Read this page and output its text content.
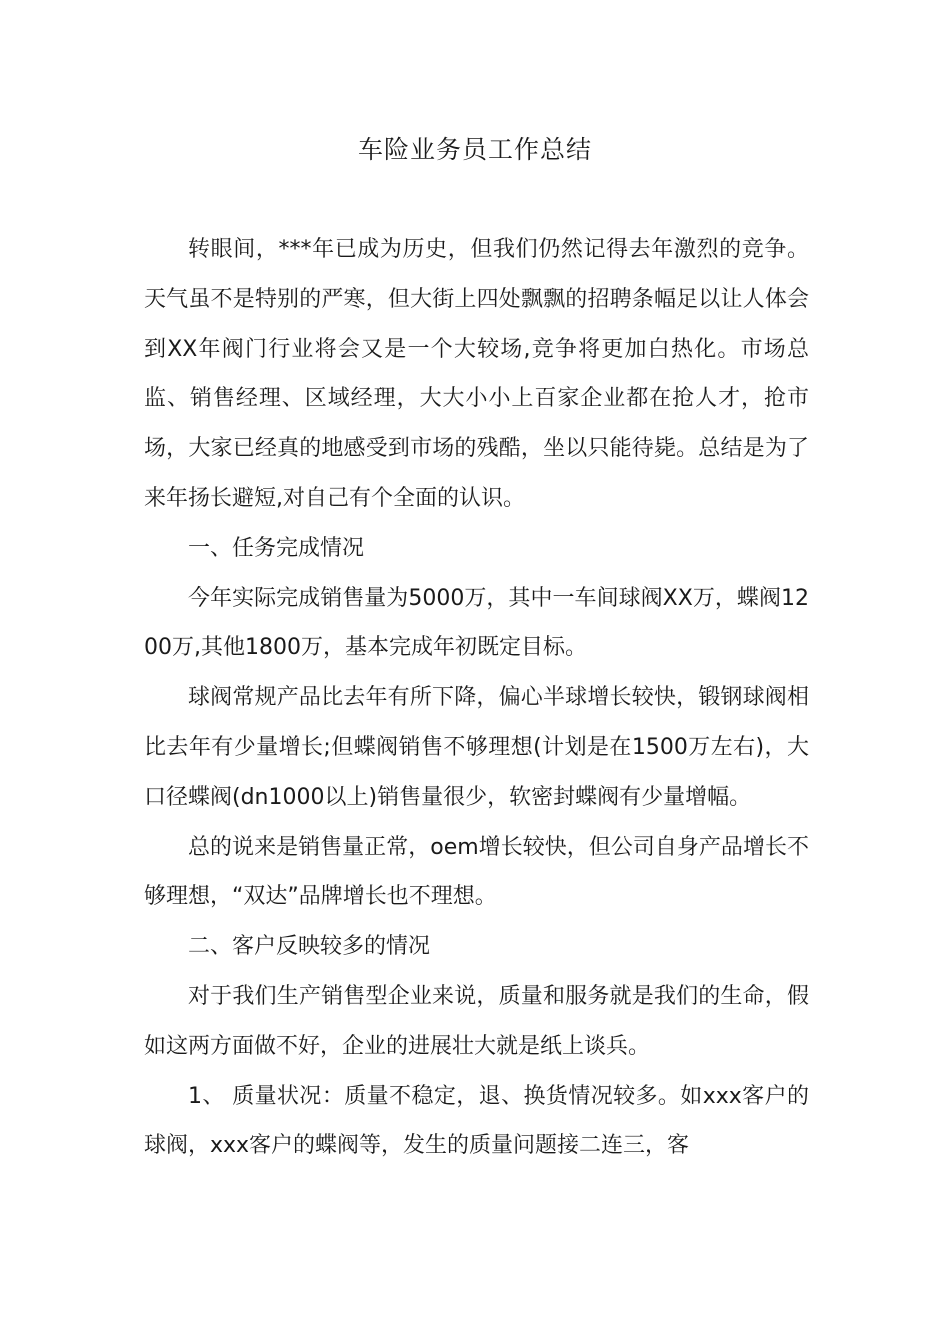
车险业务员工作总结

转眼间，***年已成为历史，但我们仍然记得去年激烈的竞争。天气虽不是特别的严寒，但大街上四处飘飘的招聘条幅足以让人体会到XX年阀门行业将会又是一个大较场,竞争将更加白热化。市场总监、销售经理、区域经理，大大小小上百家企业都在抢人才，抢市场，大家已经真的地感受到市场的残酷，坐以只能待毙。总结是为了来年扬长避短,对自己有个全面的认识。

一、任务完成情况

今年实际完成销售量为5000万，其中一车间球阀XX万，蝶阀1200万,其他1800万，基本完成年初既定目标。

球阀常规产品比去年有所下降，偏心半球增长较快，锻钢球阀相比去年有少量增长;但蝶阀销售不够理想(计划是在1500万左右)，大口径蝶阀(dn1000以上)销售量很少，软密封蝶阀有少量增幅。

总的说来是销售量正常，oem增长较快，但公司自身产品增长不够理想，“双达”品牌增长也不理想。

二、客户反映较多的情况

对于我们生产销售型企业来说，质量和服务就是我们的生命，假如这两方面做不好，企业的进展壮大就是纸上谈兵。

1、 质量状况：质量不稳定，退、换货情况较多。如xxx客户的球阀，xxx客户的蝶阀等，发生的质量问题接二连三，客
